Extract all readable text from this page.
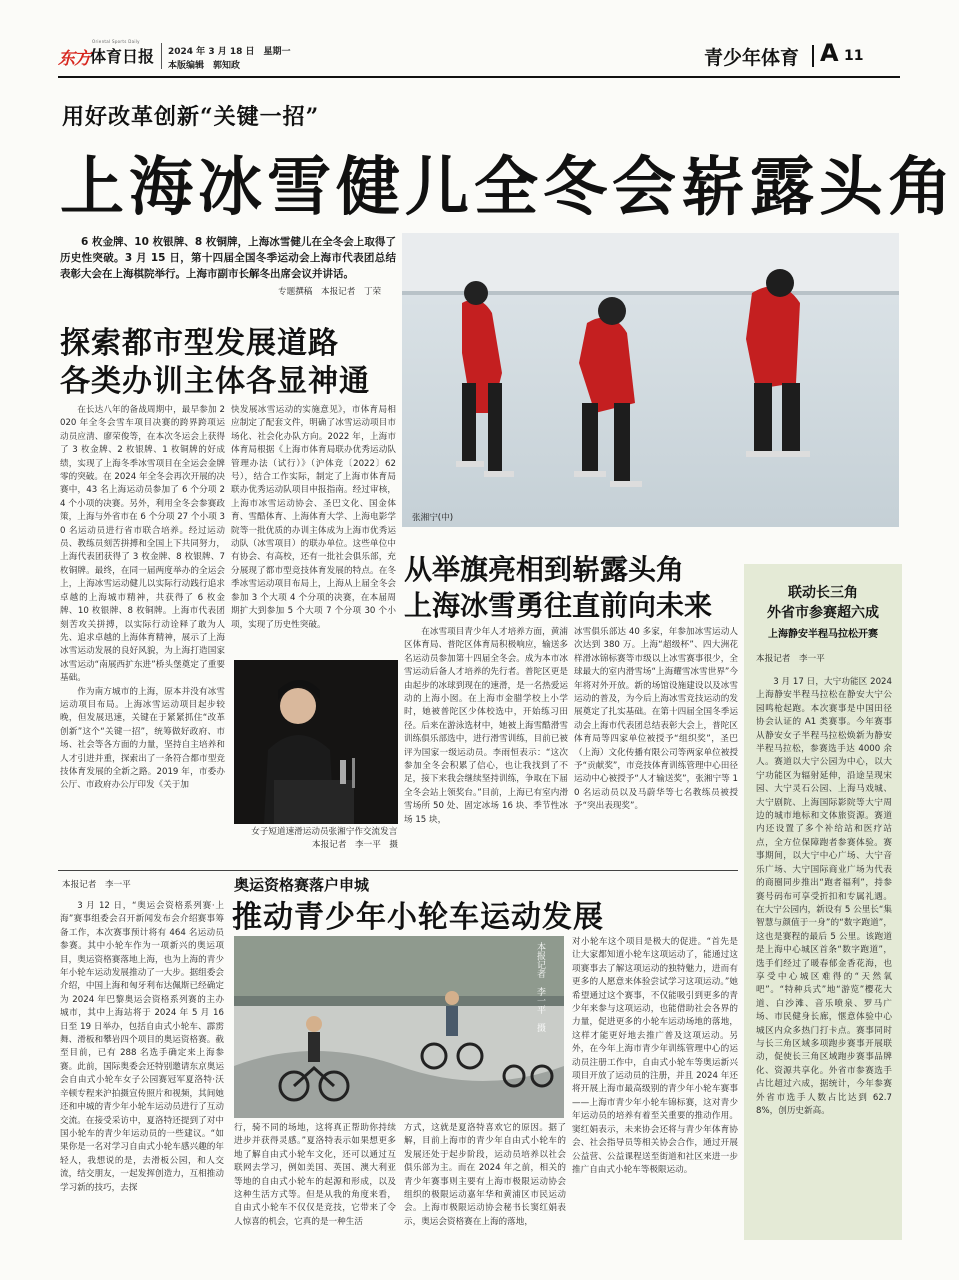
东方 体育日报
Oriental Sports Daily
2024 年 3 月 18 日　星期一
本版编辑　郭知政	青少年体育 A 11
用好改革创新“关键一招”
上海冰雪健儿全冬会崭露头角
6 枚金牌、10 枚银牌、8 枚铜牌，上海冰雪健儿在全冬会上取得了历史性突破。3 月 15 日，第十四届全国冬季运动会上海市代表团总结表彰大会在上海棋院举行。上海市副市长解冬出席会议并讲话。
专题撰稿　本报记者　丁荣
张湘宁(中)
探索都市型发展道路
各类办训主体各显神通

在长达八年的备战周期中，最早参加 2020 年全冬会雪车项目决赛的跨界跨项运动员应清、廖荣俊等，在本次冬运会上获得了 3 枚金牌、2 枚银牌、1 枚铜牌的好成绩，实现了上海冬季冰雪项目在全运会金牌零的突破。在 2024 年全冬会再次开展的决赛中，43 名上海运动员参加了 6 个分项 24 个小项的决赛。另外，利用全冬会参赛政策，上海与外省市在 6 个分项 27 个小项 30 名运动员进行省市联合培养。经过运动员、教练员刻苦拼搏和全国上下共同努力，上海代表团获得了 3 枚金牌、8 枚银牌、7 枚铜牌。最终，在同一届两度举办的全运会上，上海冰雪运动健儿以实际行动践行追求卓越的上海城市精神，共获得了 6 枚金牌、10 枚银牌、8 枚铜牌。上海市代表团刻苦攻关拼搏，以实际行动诠释了敢为人先、追求卓越的上海体育精神，展示了上海冰雪运动发展的良好风貌，为上海打造国家冰雪运动“南展西扩东进”桥头堡奠定了重要基础。

作为南方城市的上海，原本并没有冰雪运动项目布局。上海冰雪运动项目起步较晚，但发展迅速，关键在于紧紧抓住“改革创新”这个“关键一招”，统筹做好政府、市场、社会等各方面的力量，坚持自主培养和人才引进并重，探索出了一条符合都市型竞技体育发展的全新之路。2019 年，市委办公厅、市政府办公厅印发《关于加

快发展冰雪运动的实施意见》，市体育局相应制定了配套文件，明确了冰雪运动项目市场化、社会化办队方向。2022 年，上海市体育局根据《上海市体育局联办优秀运动队管理办法（试行）》（沪体竞〔2022〕62 号），结合工作实际，制定了上海市体育局联办优秀运动队项目申报指南。经过审核，上海市冰雪运动协会、圣巴文化、国金体育、雪酷体育、上海体育大学、上海电影学院等一批优质的办训主体成为上海市优秀运动队（冰雪项目）的联办单位。这些单位中有协会、有高校，还有一批社会俱乐部，充分展现了都市型竞技体育发展的特点。在冬季冰雪运动项目布局上，上海从上届全冬会参加 3 个大项 4 个分项的决赛，在本届周期扩大到参加 5 个大项 7 个分项 30 个小项，实现了历史性突破。

女子短道速滑运动员张湘宁作交流发言
本报记者　李一平　摄
从举旗亮相到崭露头角
上海冰雪勇往直前向未来

在冰雪项目青少年人才培养方面，黄浦区体育局、普陀区体育局积极响应，输送多名运动员参加第十四届全冬会。成为本市冰雪运动后备人才培养的先行者。普陀区更是由起步的冰球到现在的速滑，是一名热爱运动的上海小囡。在上海市金腊学校上小学时，她被普陀区少体校选中，开始练习田径。后来在游泳选材中，她被上海雪酷滑雪训练俱乐部选中，进行滑雪训练，目前已被评为国家一级运动员。李雨恒表示：“这次参加全冬会积累了信心，也让我找到了不足，接下来我会继续坚持训练，争取在下届全冬会站上领奖台。”目前，上海已有室内滑雪场所 50 处、固定冰场 16 块、季节性冰场 15 块，

冰雪俱乐部达 40 多家，年参加冰雪运动人次达到 380 万。上海“超级杯”、四大洲花样滑冰锦标赛等市级以上冰雪赛事很少，全球最大的室内滑雪场“上海耀雪冰雪世界”今年将对外开放。新的场馆设施建设以及冰雪运动的普及，为今后上海冰雪竞技运动的发展奠定了扎实基础。在第十四届全国冬季运动会上海市代表团总结表彰大会上，普陀区体育局等四家单位被授予“组织奖”，圣巴（上海）文化传播有限公司等两家单位被授予“贡献奖”，市竞技体育训练管理中心田径运动中心被授予“人才输送奖”，张湘宁等 10 名运动员以及马蔚华等七名教练员被授予“突出表现奖”。

联动长三角
外省市参赛超六成
上海静安半程马拉松开赛
本报记者　李一平

3 月 17 日，大宁功能区 2024 上海静安半程马拉松在静安大宁公园鸣枪起跑。本次赛事是中国田径协会认证的 A1 类赛事。今年赛事从静安女子半程马拉松焕新为静安半程马拉松，参赛选手达 4000 余人。赛道以大宁公园为中心，以大宁功能区为辐射延伸，沿途呈现宋园、大宁灵石公园、上海马戏城、大宁剧院、上海国际影院等大宁周边的城市地标和文体旅资源。赛道内还设置了多个补给站和医疗站点，全方位保障跑者参赛体验。赛事期间，以大宁中心广场、大宁音乐广场、大宁国际商业广场为代表的商圈同步推出“跑者福利”，持参赛号码布可享受折扣和专属礼遇。在大宁公园内，新设有 5 公里长“集智慧与颜值于一身”的“数字跑道”，这也是赛程的最后 5 公里。该跑道是上海中心城区首条“数字跑道”，选手们经过了暖春郁金香花海，也享受中心城区难得的“天然氧吧”。“特种兵式”地“游览”樱花大道、白沙滩、音乐喷泉、罗马广场、市民健身长廊，惬意体验中心城区内众多热门打卡点。赛事同时与长三角区域多项跑步赛事开展联动，促使长三角区域跑步赛事品牌化、资源共享化。外省市参赛选手占比超过六成，据统计，今年参赛外省市选手人数占比达到 62.78%，创历史新高。

本报记者　李一平	奥运资格赛落户申城
推动青少年小轮车运动发展

3 月 12 日，“奥运会资格系列赛·上海”赛事组委会召开新闻发布会介绍赛事筹备工作，本次赛事预计将有 464 名运动员参赛。其中小轮车作为一项新兴的奥运项目，奥运资格赛落地上海，也为上海的青少年小轮车运动发展推动了一大步。据组委会介绍，中国上海和匈牙利布达佩斯已经确定为 2024 年巴黎奥运会资格系列赛的主办城市，其中上海站将于 2024 年 5 月 16 日至 19 日举办，包括自由式小轮车、霹雳舞、滑板和攀岩四个项目的奥运资格赛。截至目前，已有 288 名选手确定来上海参赛。此前，国际奥委会还特别邀请东京奥运会自由式小轮车女子公园赛冠军夏洛特·沃辛顿专程来沪拍摄宣传照片和视频，其间她还和申城的青少年小轮车运动员进行了互动交流。在接受采访中，夏洛特还提到了对中国小轮车的青少年运动员的一些建议。“如果你是一名对学习自由式小轮车感兴趣的年轻人，我想说的是，去滑板公园，和人交流，结交朋友，一起发挥创造力，互相推动学习新的技巧，去探

本报记者　李一平　摄

行，骑不同的场地，这将真正帮助你持续进步并获得灵感。”夏洛特表示如果想更多地了解自由式小轮车文化，还可以通过互联网去学习，例如美国、英国、澳大利亚等地的自由式小轮车的起源和形成，以及这种生活方式等。但是从我的角度来看，自由式小轮车不仅仅是竞技，它带来了令人惊喜的机会，它真的是一种生活

方式，这就是夏洛特喜欢它的原因。据了解，目前上海市的青少年自由式小轮车的发展还处于起步阶段，运动员培养以社会俱乐部为主。而在 2024 年之前，相关的青少年赛事则主要有上海市极限运动协会组织的极限运动嘉年华和黄浦区市民运动会。上海市极限运动协会秘书长窦红娟表示，奥运会资格赛在上海的落地，

对小轮车这个项目是极大的促进。“首先是让大家都知道小轮车这项运动了，能通过这项赛事去了解这项运动的独特魅力，进而有更多的人愿意来体验尝试学习这项运动。”她希望通过这个赛事，不仅能吸引到更多的青少年来参与这项运动，也能借助社会各界的力量，促进更多的小轮车运动场地的落地，这样才能更好地去推广普及这项运动。另外，在今年上海市青少年训练管理中心的运动员注册工作中，自由式小轮车等奥运新兴项目开放了运动员的注册，并且 2024 年还将开展上海市最高级别的青少年小轮车赛事——上海市青少年小轮车锦标赛，这对青少年运动员的培养有着至关重要的推动作用。窦红娟表示，未来协会还将与青少年体育协会、社会指导员等相关协会合作，通过开展公益营、公益课程送至街道和社区来进一步推广自由式小轮车等极限运动。
